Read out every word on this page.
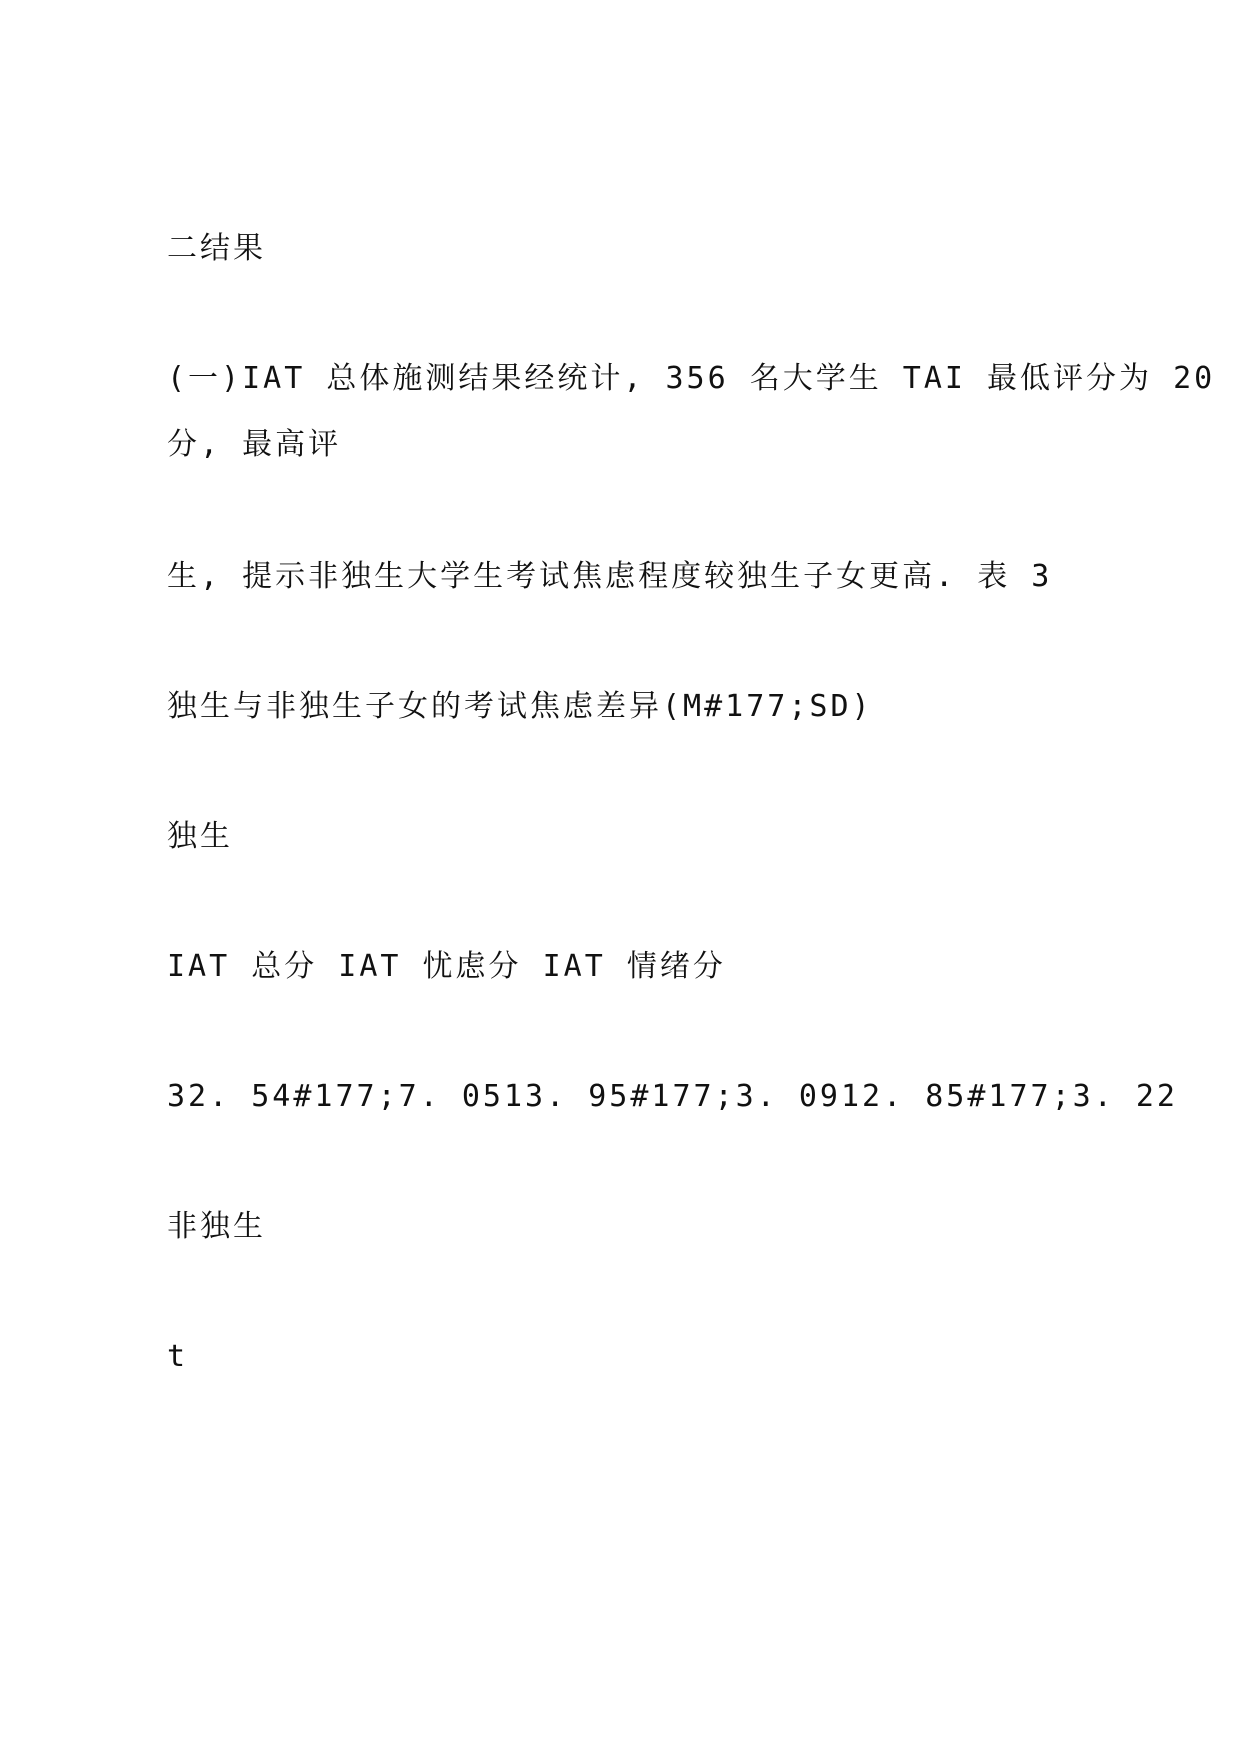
二结果
(一)IAT 总体施测结果经统计, 356 名大学生 TAI 最低评分为 20
分, 最高评
生, 提示非独生大学生考试焦虑程度较独生子女更高. 表 3
独生与非独生子女的考试焦虑差异(M#177;SD)
独生
IAT 总分 IAT 忧虑分 IAT 情绪分
32. 54#177;7. 0513. 95#177;3. 0912. 85#177;3. 22
非独生
t
